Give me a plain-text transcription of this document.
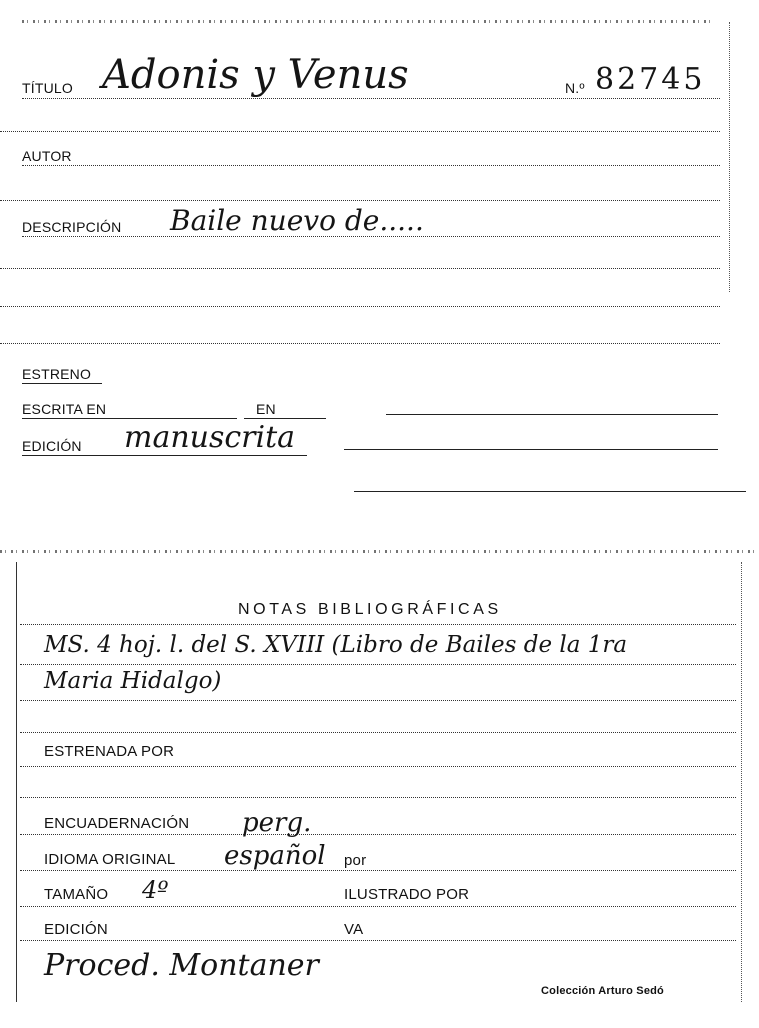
TÍTULO Adonis y Venus	N.º 82745
AUTOR
DESCRIPCIÓN Baile nuevo de.....
ESTRENO
ESCRITA EN	EN
EDICIÓN manuscrita
NOTAS BIBLIOGRÁFICAS
MS. 4 hoj. l. del S. XVIII (Libro de Bailes de la 1ra
Maria Hidalgo)
ESTRENADA POR
ENCUADERNACIÓN perg.
IDIOMA ORIGINAL español por
TAMAÑO 4º	ILUSTRADO POR
EDICIÓN	VA
Proced. Montaner
Colección Arturo Sedó
